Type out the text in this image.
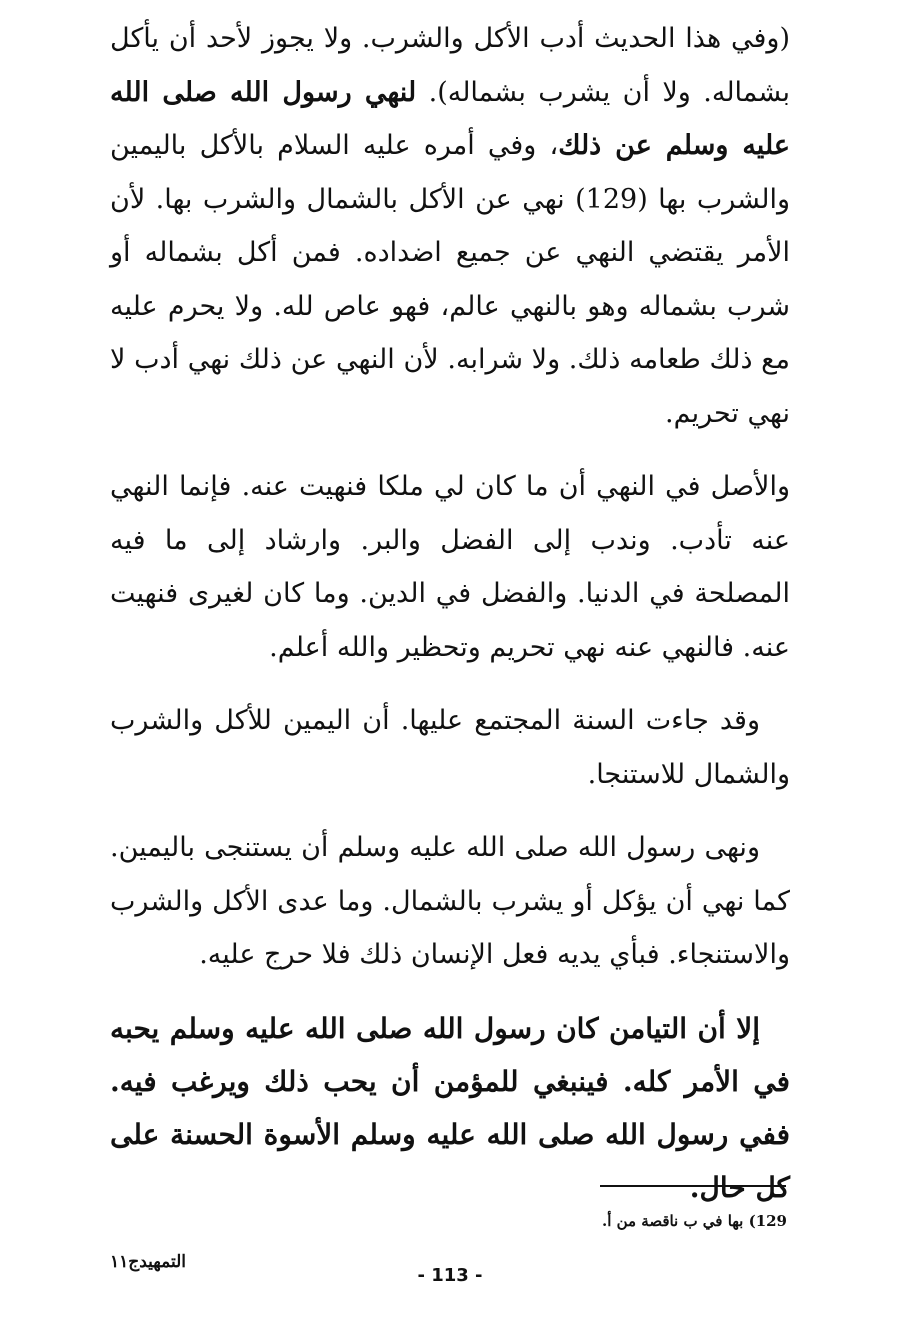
(وفي هذا الحديث أدب الأكل والشرب. ولا يجوز لأحد أن يأكل بشماله. ولا أن يشرب بشماله). لنهي رسول الله صلى الله عليه وسلم عن ذلك، وفي أمره عليه السلام بالأكل باليمين والشرب بها (129) نهي عن الأكل بالشمال والشرب بها. لأن الأمر يقتضي النهي عن جميع اضداده. فمن أكل بشماله أو شرب بشماله وهو بالنهي عالم، فهو عاص لله. ولا يحرم عليه مع ذلك طعامه ذلك. ولا شرابه. لأن النهي عن ذلك نهي أدب لا نهي تحريم.

والأصل في النهي أن ما كان لي ملكا فنهيت عنه. فإنما النهي عنه تأدب. وندب إلى الفضل والبر. وارشاد إلى ما فيه المصلحة في الدنيا. والفضل في الدين. وما كان لغيرى فنهيت عنه. فالنهي عنه نهي تحريم وتحظير والله أعلم.

وقد جاءت السنة المجتمع عليها. أن اليمين للأكل والشرب والشمال للاستنجا.

ونهى رسول الله صلى الله عليه وسلم أن يستنجى باليمين. كما نهي أن يؤكل أو يشرب بالشمال. وما عدى الأكل والشرب والاستنجاء. فبأي يديه فعل الإنسان ذلك فلا حرج عليه.

إلا أن التيامن كان رسول الله صلى الله عليه وسلم يحبه في الأمر كله. فينبغي للمؤمن أن يحب ذلك ويرغب فيه. ففي رسول الله صلى الله عليه وسلم الأسوة الحسنة على كل حال.

129) بها في ب ناقصة من أ.
التمهيدج١١
- 113 -
